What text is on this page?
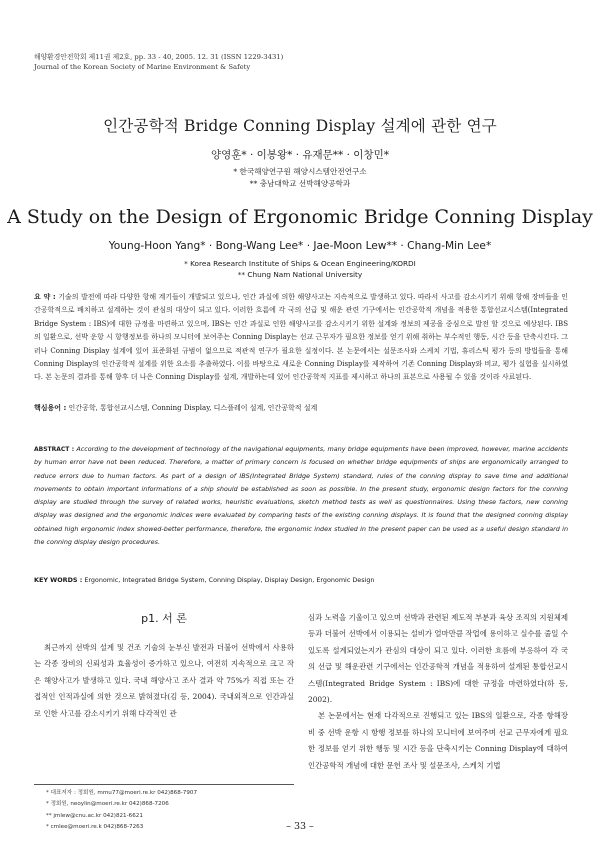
해양환경안전학회 제11권 제2호, pp. 33 - 40, 2005. 12. 31 (ISSN 1229-3431)
Journal of the Korean Society of Marine Environment & Safety
인간공학적 Bridge Conning Display 설계에 관한 연구
양영훈* · 이봉왕* · 유재문** · 이창민*
* 한국해양연구원 해양시스템안전연구소
** 충남대학교 선박해양공학과
A Study on the Design of Ergonomic Bridge Conning Display
Young-Hoon Yang* · Bong-Wang Lee* · Jae-Moon Lew** · Chang-Min Lee*
* Korea Research Institute of Ships & Ocean Engineering/KORDI
** Chung Nam National University
요 약 : 기술의 발전에 따라 다양한 항해 계기들이 개발되고 있으나, 인간 과실에 의한 해양사고는 지속적으로 발생하고 있다. 따라서 사고를 감소시키기 위해 항해 장비들을 인간공학적으로 배치하고 설계하는 것이 관심의 대상이 되고 있다. 이러한 흐름에 각 국의 선급 및 해운 관련 기구에서는 인간공학적 개념을 적용한 통합선교시스템(Integrated Bridge System : IBS)에 대한 규정을 마련하고 있으며, IBS는 인간 과실로 인한 해양사고를 감소시키기 위한 설계와 정보의 제공을 중심으로 발전 할 것으로 예상된다. IBS의 일환으로, 선박 운항 시 항행정보를 하나의 모니터에 보여주는 Conning Display는 선교 근무자가 필요한 정보를 얻기 위해 취하는 부수적인 행동, 시간 등을 단축시킨다. 그러나 Conning Display 설계에 있어 표준화된 규범이 없으므로 적관적 연구가 필요한 실정이다. 본 논문에서는 설문조사와 스케치 기법, 휴리스틱 평가 등의 방법들을 통해 Conning Display의 인간공학적 설계를 위한 요소를 추출하였다. 이를 바탕으로 새로운 Conning Display를 제작하여 기존 Conning Display와 비교, 평가 실험을 실시하였다. 본 논문의 결과를 통해 향후 더 나은 Conning Display를 설계, 개발하는데 있어 인간공학적 지표를 제시하고 하나의 표본으로 사용될 수 있을 것이라 사료된다.
핵심용어 : 인간공학, 통합선교시스템, Conning Display, 디스플레이 설계, 인간공학적 설계
ABSTRACT : According to the development of technology of the navigational equipments, many bridge equipments have been improved, however, marine accidents by human error have not been reduced. Therefore, a matter of primary concern is focused on whether bridge equipments of ships are ergonomically arranged to reduce errors due to human factors. As part of a design of IBS(Integrated Bridge System) standard, rules of the conning display to save time and additional movements to obtain important informations of a ship should be established as soon as possible. In the present study, ergonomic design factors for the conning display are studied through the survey of related works, heuristic evaluations, sketch method tests as well as questionnaires. Using these factors, new conning display was designed and the ergonomic indices were evaluated by comparing tests of the existing conning displays. It is found that the designed conning display obtained high ergonomic index showed-better performance, therefore, the ergonomic index studied in the present paper can be used as a useful design standard in the conning display design procedures.
KEY WORDS : Ergonomic, Integrated Bridge System, Conning Display, Display Design, Ergonomic Design
p1. 서 론

최근까지 선박의 설계 및 건조 기술의 눈부신 발전과 더불어 선박에서 사용하는 각종 장비의 신뢰성과 효율성이 증가하고 있으나, 여전히 지속적으로 크고 작은 해양사고가 발생하고 있다. 국내 해양사고 조사 결과 약 75%가 직접 또는 간접적인 인적과실에 의한 것으로 밝혀졌다(김 등, 2004). 국내외적으로 인간과실로 인한 사고를 감소시키기 위해 다각적인 관

심과 노력을 기울이고 있으며 선박과 관련된 제도적 부분과 육상 조직의 지원체제 등과 더불어 선박에서 이용되는 설비가 얼마만큼 작업에 용이하고 실수를 줄일 수 있도록 설계되었는지가 관심의 대상이 되고 있다. 이러한 흐름에 부응하여 각 국의 선급 및 해운관련 기구에서는 인간공학적 개념을 적용하여 설계된 통합선교시스템(Integrated Bridge System : IBS)에 대한 규정을 마련하였다(하 등, 2002).

본 논문에서는 현재 다각적으로 진행되고 있는 IBS의 일환으로, 각종 항해장비 중 선박 운항 시 항행 정보를 하나의 모니터에 보여주며 선교 근무자에게 필요한 정보를 얻기 위한 행동 및 시간 등을 단축시키는 Conning Display에 대하여 인간공학적 개념에 대한 문헌 조사 및 설문조사, 스케치 기법

* 대표저자 : 정회원, mmu77@moeri.re.kr 042)868-7907
* 정회원, neoylin@moeri.re.kr 042)868-7206
** jmlew@cnu.ac.kr 042)821-6621
* cmlee@moeri.re.k 042)868-7263	– 33 –
